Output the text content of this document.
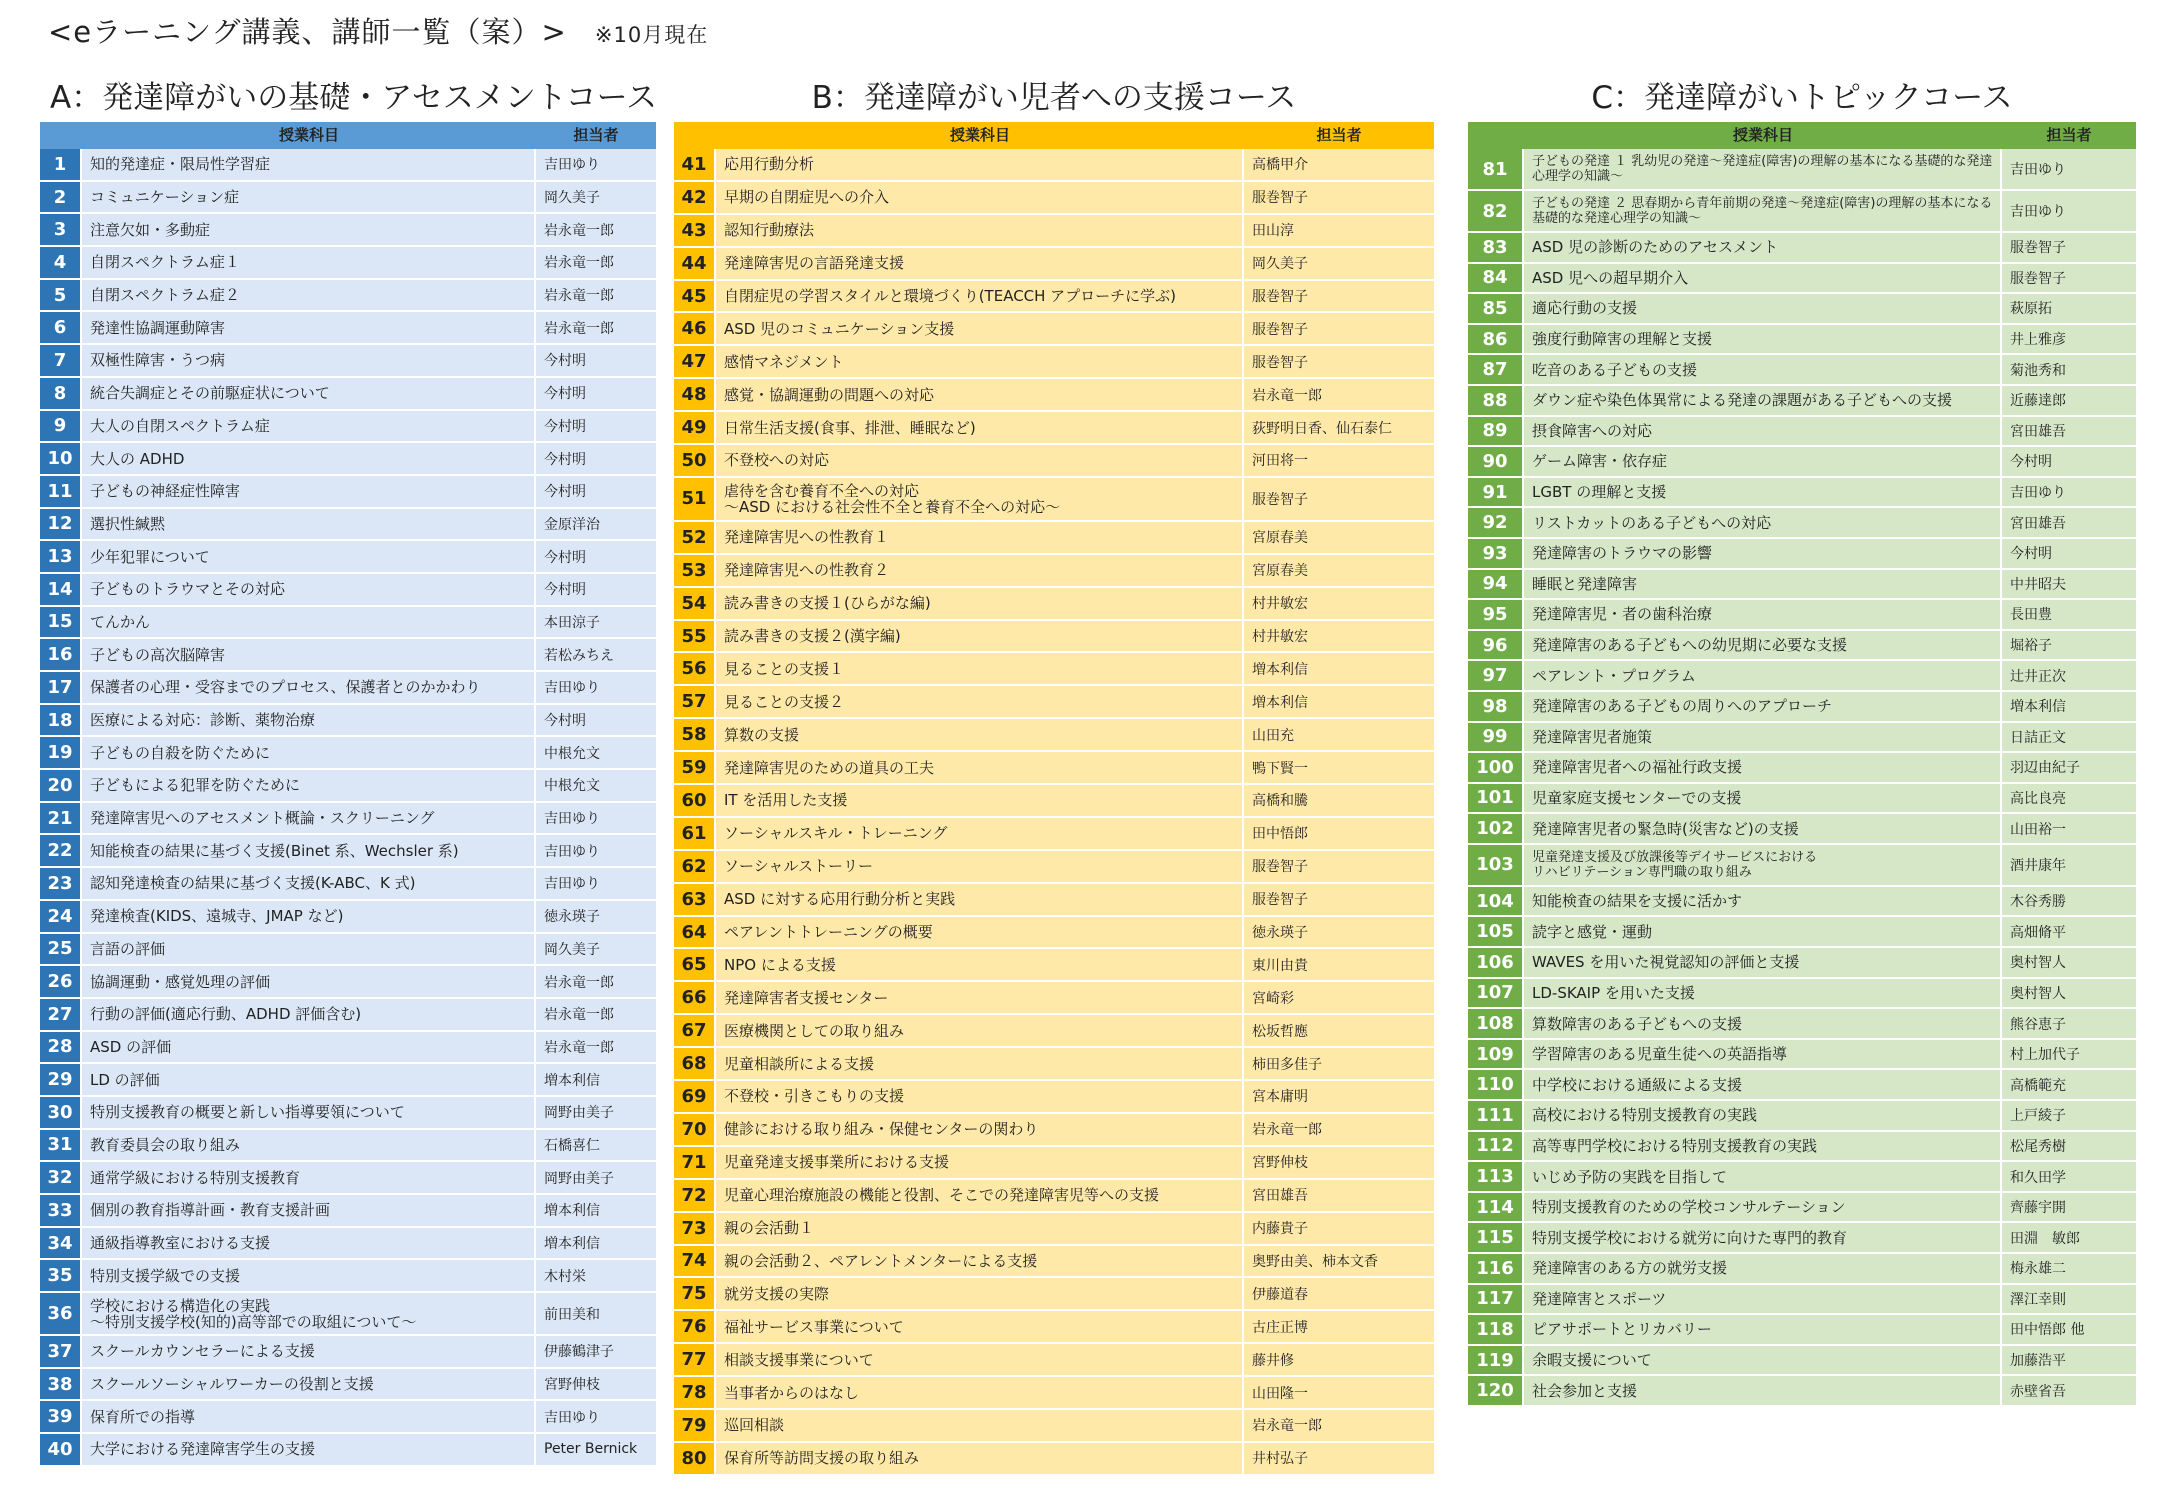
<eラーニング講義、講師一覧（案）> ※10月現在
A：発達障がいの基礎・アセスメントコース
授業科目	担当者
1	知的発達症・限局性学習症	吉田ゆり
2	コミュニケーション症	岡久美子
3	注意欠如・多動症	岩永竜一郎
4	自閉スペクトラム症１	岩永竜一郎
5	自閉スペクトラム症２	岩永竜一郎
6	発達性協調運動障害	岩永竜一郎
7	双極性障害・うつ病	今村明
8	統合失調症とその前駆症状について	今村明
9	大人の自閉スペクトラム症	今村明
10	大人の ADHD	今村明
11	子どもの神経症性障害	今村明
12	選択性緘黙	金原洋治
13	少年犯罪について	今村明
14	子どものトラウマとその対応	今村明
15	てんかん	本田涼子
16	子どもの高次脳障害	若松みちえ
17	保護者の心理・受容までのプロセス、保護者とのかかわり	吉田ゆり
18	医療による対応：診断、薬物治療	今村明
19	子どもの自殺を防ぐために	中根允文
20	子どもによる犯罪を防ぐために	中根允文
21	発達障害児へのアセスメント概論・スクリーニング	吉田ゆり
22	知能検査の結果に基づく支援(Binet 系、Wechsler 系)	吉田ゆり
23	認知発達検査の結果に基づく支援(K-ABC、K 式)	吉田ゆり
24	発達検査(KIDS、遠城寺、JMAP など)	徳永瑛子
25	言語の評価	岡久美子
26	協調運動・感覚処理の評価	岩永竜一郎
27	行動の評価(適応行動、ADHD 評価含む)	岩永竜一郎
28	ASD の評価	岩永竜一郎
29	LD の評価	増本利信
30	特別支援教育の概要と新しい指導要領について	岡野由美子
31	教育委員会の取り組み	石橋喜仁
32	通常学級における特別支援教育	岡野由美子
33	個別の教育指導計画・教育支援計画	増本利信
34	通級指導教室における支援	増本利信
35	特別支援学級での支援	木村栄
36	学校における構造化の実践
～特別支援学校(知的)高等部での取組について～	前田美和
37	スクールカウンセラーによる支援	伊藤鶴津子
38	スクールソーシャルワーカーの役割と支援	宮野伸枝
39	保育所での指導	吉田ゆり
40	大学における発達障害学生の支援	Peter Bernick
B：発達障がい児者への支援コース
授業科目	担当者
41	応用行動分析	高橋甲介
42	早期の自閉症児への介入	服巻智子
43	認知行動療法	田山淳
44	発達障害児の言語発達支援	岡久美子
45	自閉症児の学習スタイルと環境づくり(TEACCH アプローチに学ぶ)	服巻智子
46	ASD 児のコミュニケーション支援	服巻智子
47	感情マネジメント	服巻智子
48	感覚・協調運動の問題への対応	岩永竜一郎
49	日常生活支援(食事、排泄、睡眠など)	荻野明日香、仙石泰仁
50	不登校への対応	河田将一
51	虐待を含む養育不全への対応
～ASD における社会性不全と養育不全への対応～	服巻智子
52	発達障害児への性教育１	宮原春美
53	発達障害児への性教育２	宮原春美
54	読み書きの支援１(ひらがな編)	村井敏宏
55	読み書きの支援２(漢字編)	村井敏宏
56	見ることの支援１	増本利信
57	見ることの支援２	増本利信
58	算数の支援	山田充
59	発達障害児のための道具の工夫	鴨下賢一
60	IT を活用した支援	高橋和騰
61	ソーシャルスキル・トレーニング	田中悟郎
62	ソーシャルストーリー	服巻智子
63	ASD に対する応用行動分析と実践	服巻智子
64	ペアレントトレーニングの概要	徳永瑛子
65	NPO による支援	東川由貴
66	発達障害者支援センター	宮崎彩
67	医療機関としての取り組み	松坂哲應
68	児童相談所による支援	柿田多佳子
69	不登校・引きこもりの支援	宮本庸明
70	健診における取り組み・保健センターの関わり	岩永竜一郎
71	児童発達支援事業所における支援	宮野伸枝
72	児童心理治療施設の機能と役割、そこでの発達障害児等への支援	宮田雄吾
73	親の会活動１	内藤貴子
74	親の会活動２、ペアレントメンターによる支援	奥野由美、柿本文香
75	就労支援の実際	伊藤道春
76	福祉サービス事業について	古庄正博
77	相談支援事業について	藤井修
78	当事者からのはなし	山田隆一
79	巡回相談	岩永竜一郎
80	保育所等訪問支援の取り組み	井村弘子
C：発達障がいトピックコース
授業科目	担当者
81	子どもの発達 １ 乳幼児の発達～発達症(障害)の理解の基本になる基礎的な発達心理学の知識～	吉田ゆり
82	子どもの発達 ２ 思春期から青年前期の発達～発達症(障害)の理解の基本になる基礎的な発達心理学の知識～	吉田ゆり
83	ASD 児の診断のためのアセスメント	服巻智子
84	ASD 児への超早期介入	服巻智子
85	適応行動の支援	萩原拓
86	強度行動障害の理解と支援	井上雅彦
87	吃音のある子どもの支援	菊池秀和
88	ダウン症や染色体異常による発達の課題がある子どもへの支援	近藤達郎
89	摂食障害への対応	宮田雄吾
90	ゲーム障害・依存症	今村明
91	LGBT の理解と支援	吉田ゆり
92	リストカットのある子どもへの対応	宮田雄吾
93	発達障害のトラウマの影響	今村明
94	睡眠と発達障害	中井昭夫
95	発達障害児・者の歯科治療	長田豊
96	発達障害のある子どもへの幼児期に必要な支援	堀裕子
97	ペアレント・プログラム	辻井正次
98	発達障害のある子どもの周りへのアプローチ	増本利信
99	発達障害児者施策	日詰正文
100	発達障害児者への福祉行政支援	羽辺由紀子
101	児童家庭支援センターでの支援	高比良亮
102	発達障害児者の緊急時(災害など)の支援	山田裕一
103	児童発達支援及び放課後等デイサービスにおける
リハビリテーション専門職の取り組み	酒井康年
104	知能検査の結果を支援に活かす	木谷秀勝
105	読字と感覚・運動	高畑脩平
106	WAVES を用いた視覚認知の評価と支援	奥村智人
107	LD-SKAIP を用いた支援	奥村智人
108	算数障害のある子どもへの支援	熊谷恵子
109	学習障害のある児童生徒への英語指導	村上加代子
110	中学校における通級による支援	高橋範充
111	高校における特別支援教育の実践	上戸綾子
112	高等専門学校における特別支援教育の実践	松尾秀樹
113	いじめ予防の実践を目指して	和久田学
114	特別支援教育のための学校コンサルテーション	齊藤宇開
115	特別支援学校における就労に向けた専門的教育	田淵　敏郎
116	発達障害のある方の就労支援	梅永雄二
117	発達障害とスポーツ	澤江幸則
118	ピアサポートとリカバリー	田中悟郎 他
119	余暇支援について	加藤浩平
120	社会参加と支援	赤壁省吾
